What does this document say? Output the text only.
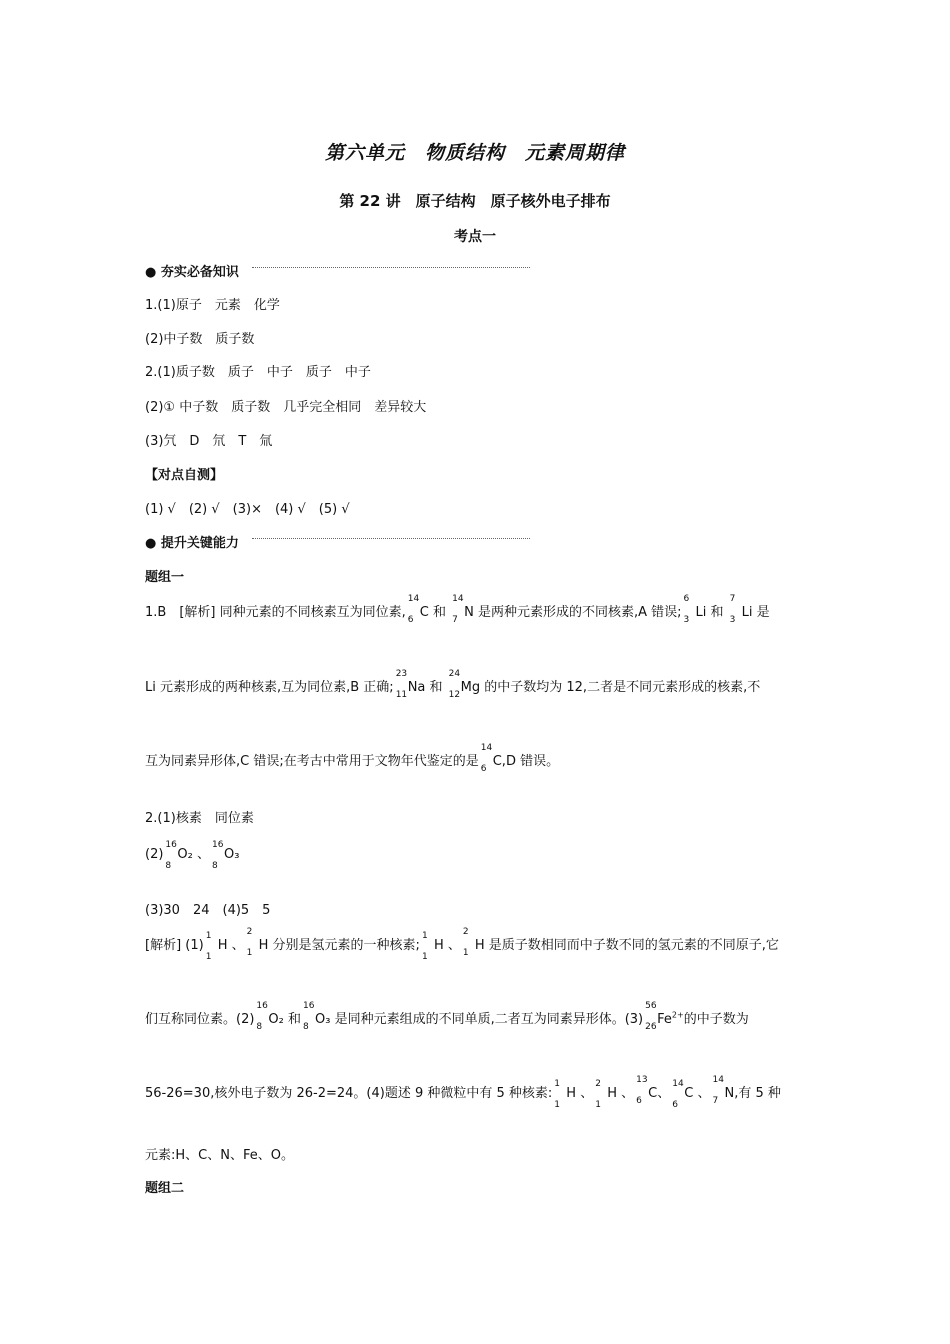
第六单元　物质结构　元素周期律
第 22 讲　原子结构　原子核外电子排布
考点一
● 夯实必备知识
1.(1)原子　元素　化学
(2)中子数　质子数
2.(1)质子数　质子　中子　质子　中子
(2)① 中子数　质子数　几乎完全相同　差异较大
(3)氕　D　氘　T　氚
【对点自测】
(1) √　(2) √　(3)×　(4) √　(5) √
● 提升关键能力
题组一
1.B　[解析] 同种元素的不同核素互为同位素,
14
6 C 和
14
7 N 是两种元素形成的不同核素,A 错误;
6
3 Li 和
7
3 Li 是
Li 元素形成的两种核素,互为同位素,B 正确;
23
11 Na 和
24
12 Mg 的中子数均为 12,二者是不同元素形成的核素,不
互为同素异形体,C 错误;在考古中常用于文物年代鉴定的是
14
6 C,D 错误。
2.(1)核素　同位素
(2)
16
8
O₂ 、
16
8
O₃
(3)30　24　(4)5　5
[解析] (1)
1
1
H 、
2
1 H 分别是氢元素的一种核素;
1
1
H 、
2
1 H 是质子数相同而中子数不同的氢元素的不同原子,它
们互称同位素。(2)
16
8 O₂ 和
16
8 O₃ 是同种元素组成的不同单质,二者互为同素异形体。(3)
56
26 $Fe^{2+}$的中子数为
56-26=30,核外电子数为 26-2=24。(4)题述 9 种微粒中有 5 种核素:
1
1
H 、
2
1
H 、
13
6 C、
14
6
C 、
14
7 N,有 5 种
元素:H、C、N、Fe、O。
题组二
